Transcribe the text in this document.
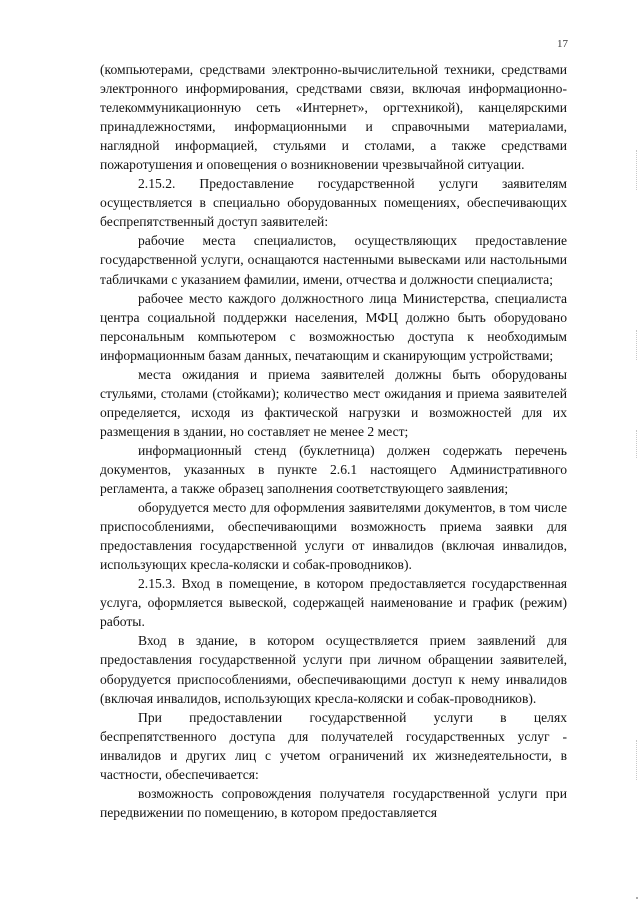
17

(компьютерами, средствами электронно-вычислительной техники, средствами электронного информирования, средствами связи, включая информационно-телекоммуникационную сеть «Интернет», оргтехникой), канцелярскими принадлежностями, информационными и справочными материалами, наглядной информацией, стульями и столами, а также средствами пожаротушения и оповещения о возникновении чрезвычайной ситуации.

2.15.2. Предоставление государственной услуги заявителям осуществляется в специально оборудованных помещениях, обеспечивающих беспрепятственный доступ заявителей:

рабочие места специалистов, осуществляющих предоставление государственной услуги, оснащаются настенными вывесками или настольными табличками с указанием фамилии, имени, отчества и должности специалиста;

рабочее место каждого должностного лица Министерства, специалиста центра социальной поддержки населения, МФЦ должно быть оборудовано персональным компьютером с возможностью доступа к необходимым информационным базам данных, печатающим и сканирующим устройствами;

места ожидания и приема заявителей должны быть оборудованы стульями, столами (стойками); количество мест ожидания и приема заявителей определяется, исходя из фактической нагрузки и возможностей для их размещения в здании, но составляет не менее 2 мест;

информационный стенд (буклетница) должен содержать перечень документов, указанных в пункте 2.6.1 настоящего Административного регламента, а также образец заполнения соответствующего заявления;

оборудуется место для оформления заявителями документов, в том числе приспособлениями, обеспечивающими возможность приема заявки для предоставления государственной услуги от инвалидов (включая инвалидов, использующих кресла-коляски и собак-проводников).

2.15.3. Вход в помещение, в котором предоставляется государственная услуга, оформляется вывеской, содержащей наименование и график (режим) работы.

Вход в здание, в котором осуществляется прием заявлений для предоставления государственной услуги при личном обращении заявителей, оборудуется приспособлениями, обеспечивающими доступ к нему инвалидов (включая инвалидов, использующих кресла-коляски и собак-проводников).

При предоставлении государственной услуги в целях беспрепятственного доступа для получателей государственных услуг - инвалидов и других лиц с учетом ограничений их жизнедеятельности, в частности, обеспечивается:

возможность сопровождения получателя государственной услуги при передвижении по помещению, в котором предоставляется
